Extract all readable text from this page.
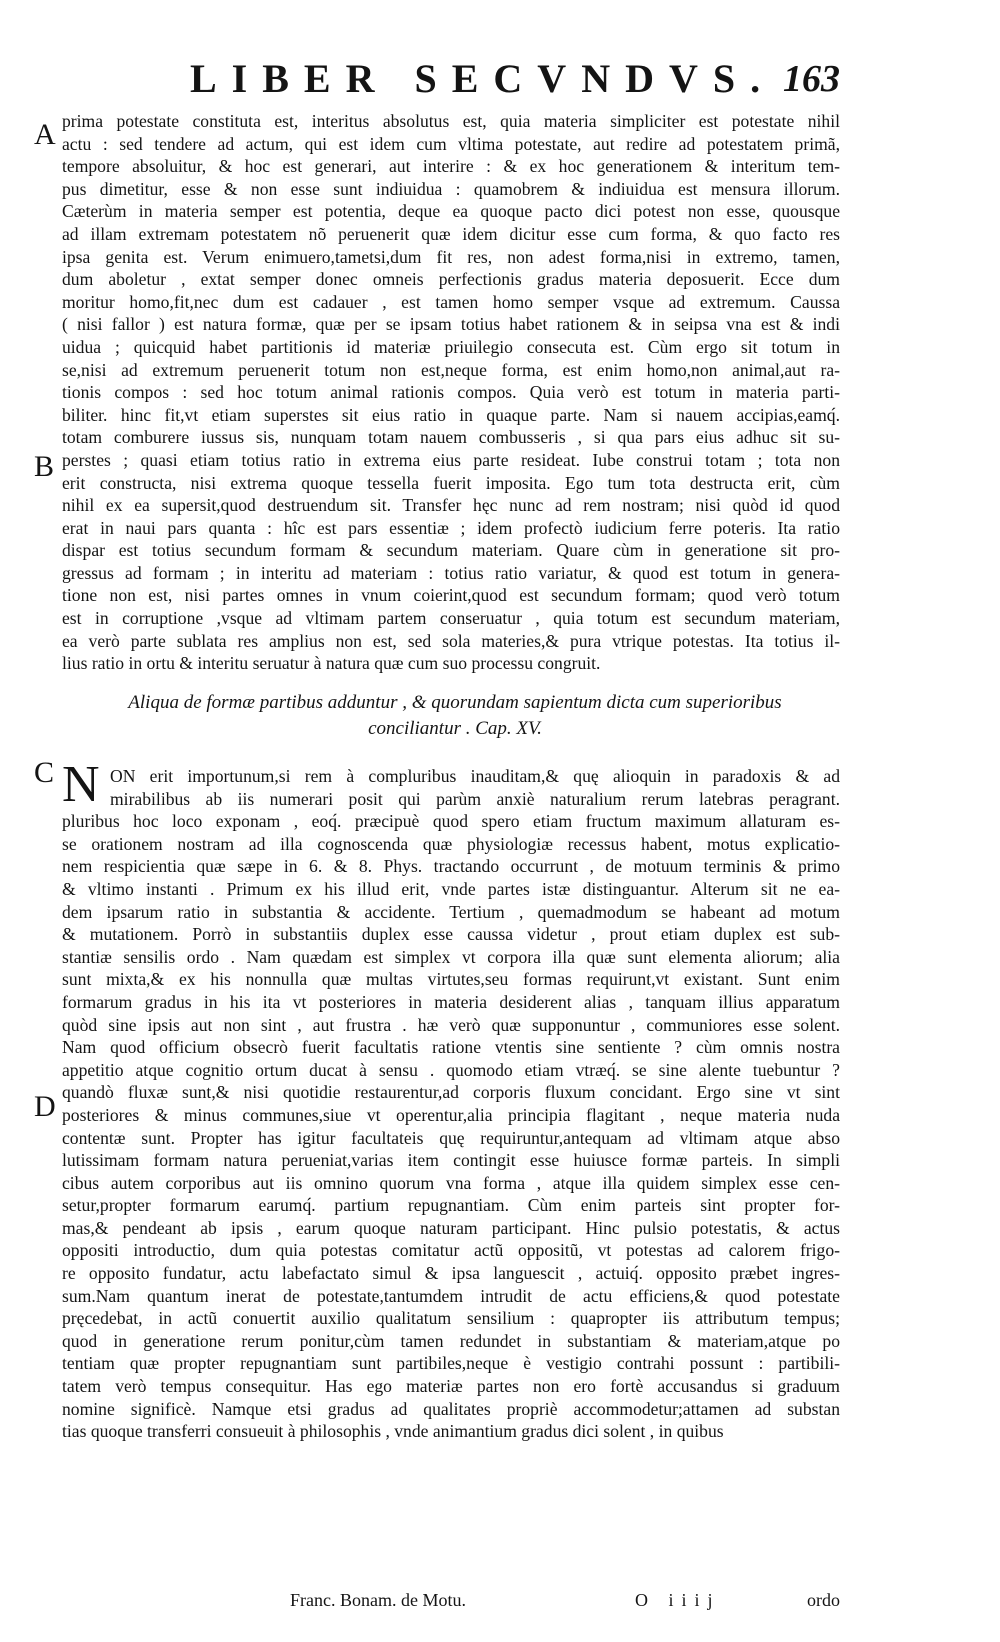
LIBER SECVNDVS. 163
A
B
C
D
prima potestate constituta est, interitus absolutus est, quia materia simpliciter est potestate nihil
actu : sed tendere ad actum, qui est idem cum vltima potestate, aut redire ad potestatem primã,
tempore absoluitur, & hoc est generari, aut interire : & ex hoc generationem & interitum tem-
pus dimetitur, esse & non esse sunt indiuidua : quamobrem & indiuidua est mensura illorum.
Cæterùm in materia semper est potentia, deque ea quoque pacto dici potest non esse, quousque
ad illam extremam potestatem nõ peruenerit quæ idem dicitur esse cum forma, & quo facto res
ipsa genita est. Verum enimuero,tametsi,dum fit res, non adest forma,nisi in extremo, tamen,
dum aboletur , extat semper donec omneis perfectionis gradus materia deposuerit. Ecce dum
moritur homo,fit,nec dum est cadauer , est tamen homo semper vsque ad extremum. Caussa
( nisi fallor ) est natura formæ, quæ per se ipsam totius habet rationem & in seipsa vna est & indi
uidua ; quicquid habet partitionis id materiæ priuilegio consecuta est. Cùm ergo sit totum in
se,nisi ad extremum peruenerit totum non est,neque forma, est enim homo,non animal,aut ra-
tionis compos : sed hoc totum animal rationis compos. Quia verò est totum in materia parti-
biliter. hinc fit,vt etiam superstes sit eius ratio in quaque parte. Nam si nauem accipias,eamq́.
totam comburere iussus sis, nunquam totam nauem combusseris , si qua pars eius adhuc sit su-
perstes ; quasi etiam totius ratio in extrema eius parte resideat. Iube construi totam ; tota non
erit constructa, nisi extrema quoque tessella fuerit imposita. Ego tum tota destructa erit, cùm
nihil ex ea supersit,quod destruendum sit. Transfer hęc nunc ad rem nostram; nisi quòd id quod
erat in naui pars quanta : hîc est pars essentiæ ; idem profectò iudicium ferre poteris. Ita ratio
dispar est totius secundum formam & secundum materiam. Quare cùm in generatione sit pro-
gressus ad formam ; in interitu ad materiam : totius ratio variatur, & quod est totum in genera-
tione non est, nisi partes omnes in vnum coierint,quod est secundum formam; quod verò totum
est in corruptione ,vsque ad vltimam partem conseruatur , quia totum est secundum materiam,
ea verò parte sublata res amplius non est, sed sola materies,& pura vtrique potestas. Ita totius il-
lius ratio in ortu & interitu seruatur à natura quæ cum suo processu congruit.
Aliqua de formæ partibus adduntur , & quorundam sapientum dicta cum superioribus
conciliantur . Cap. XV.
N ON erit importunum,si rem à compluribus inauditam,& quę alioquin in paradoxis & ad
mirabilibus ab iis numerari posit qui parùm anxiè naturalium rerum latebras peragrant.
pluribus hoc loco exponam , eoq́. præcipuè quod spero etiam fructum maximum allaturam es-
se orationem nostram ad illa cognoscenda quæ physiologiæ recessus habent, motus explicatio-
nem respicientia quæ sæpe in 6. & 8. Phys. tractando occurrunt , de motuum terminis & primo
& vltimo instanti . Primum ex his illud erit, vnde partes istæ distinguantur. Alterum sit ne ea-
dem ipsarum ratio in substantia & accidente. Tertium , quemadmodum se habeant ad motum
& mutationem. Porrò in substantiis duplex esse caussa videtur , prout etiam duplex est sub-
stantiæ sensilis ordo . Nam quædam est simplex vt corpora illa quæ sunt elementa aliorum; alia
sunt mixta,& ex his nonnulla quæ multas virtutes,seu formas requirunt,vt existant. Sunt enim
formarum gradus in his ita vt posteriores in materia desiderent alias , tanquam illius apparatum
quòd sine ipsis aut non sint , aut frustra . hæ verò quæ supponuntur , communiores esse solent.
Nam quod officium obsecrò fuerit facultatis ratione vtentis sine sentiente ? cùm omnis nostra
appetitio atque cognitio ortum ducat à sensu . quomodo etiam vtræq́. se sine alente tuebuntur ?
quandò fluxæ sunt,& nisi quotidie restaurentur,ad corporis fluxum concidant. Ergo sine vt sint
posteriores & minus communes,siue vt operentur,alia principia flagitant , neque materia nuda
contentæ sunt. Propter has igitur facultateis quę requiruntur,antequam ad vltimam atque abso
lutissimam formam natura perueniat,varias item contingit esse huiusce formæ parteis. In simpli
cibus autem corporibus aut iis omnino quorum vna forma , atque illa quidem simplex esse cen-
setur,propter formarum earumq́. partium repugnantiam. Cùm enim parteis sint propter for-
mas,& pendeant ab ipsis , earum quoque naturam participant. Hinc pulsio potestatis, & actus
oppositi introductio, dum quia potestas comitatur actũ oppositũ, vt potestas ad calorem frigo-
re opposito fundatur, actu labefactato simul & ipsa languescit , actuiq́. opposito præbet ingres-
sum.Nam quantum inerat de potestate,tantumdem intrudit de actu efficiens,& quod potestate
pręcedebat, in actũ conuertit auxilio qualitatum sensilium : quapropter iis attributum tempus;
quod in generatione rerum ponitur,cùm tamen redundet in substantiam & materiam,atque po
tentiam quæ propter repugnantiam sunt partibiles,neque è vestigio contrahi possunt : partibili-
tatem verò tempus consequitur. Has ego materiæ partes non ero fortè accusandus si graduum
nomine significè. Namque etsi gradus ad qualitates propriè accommodetur;attamen ad substan
tias quoque transferri consueuit à philosophis , vnde animantium gradus dici solent , in quibus
Franc. Bonam. de Motu.	O iiij	ordo
